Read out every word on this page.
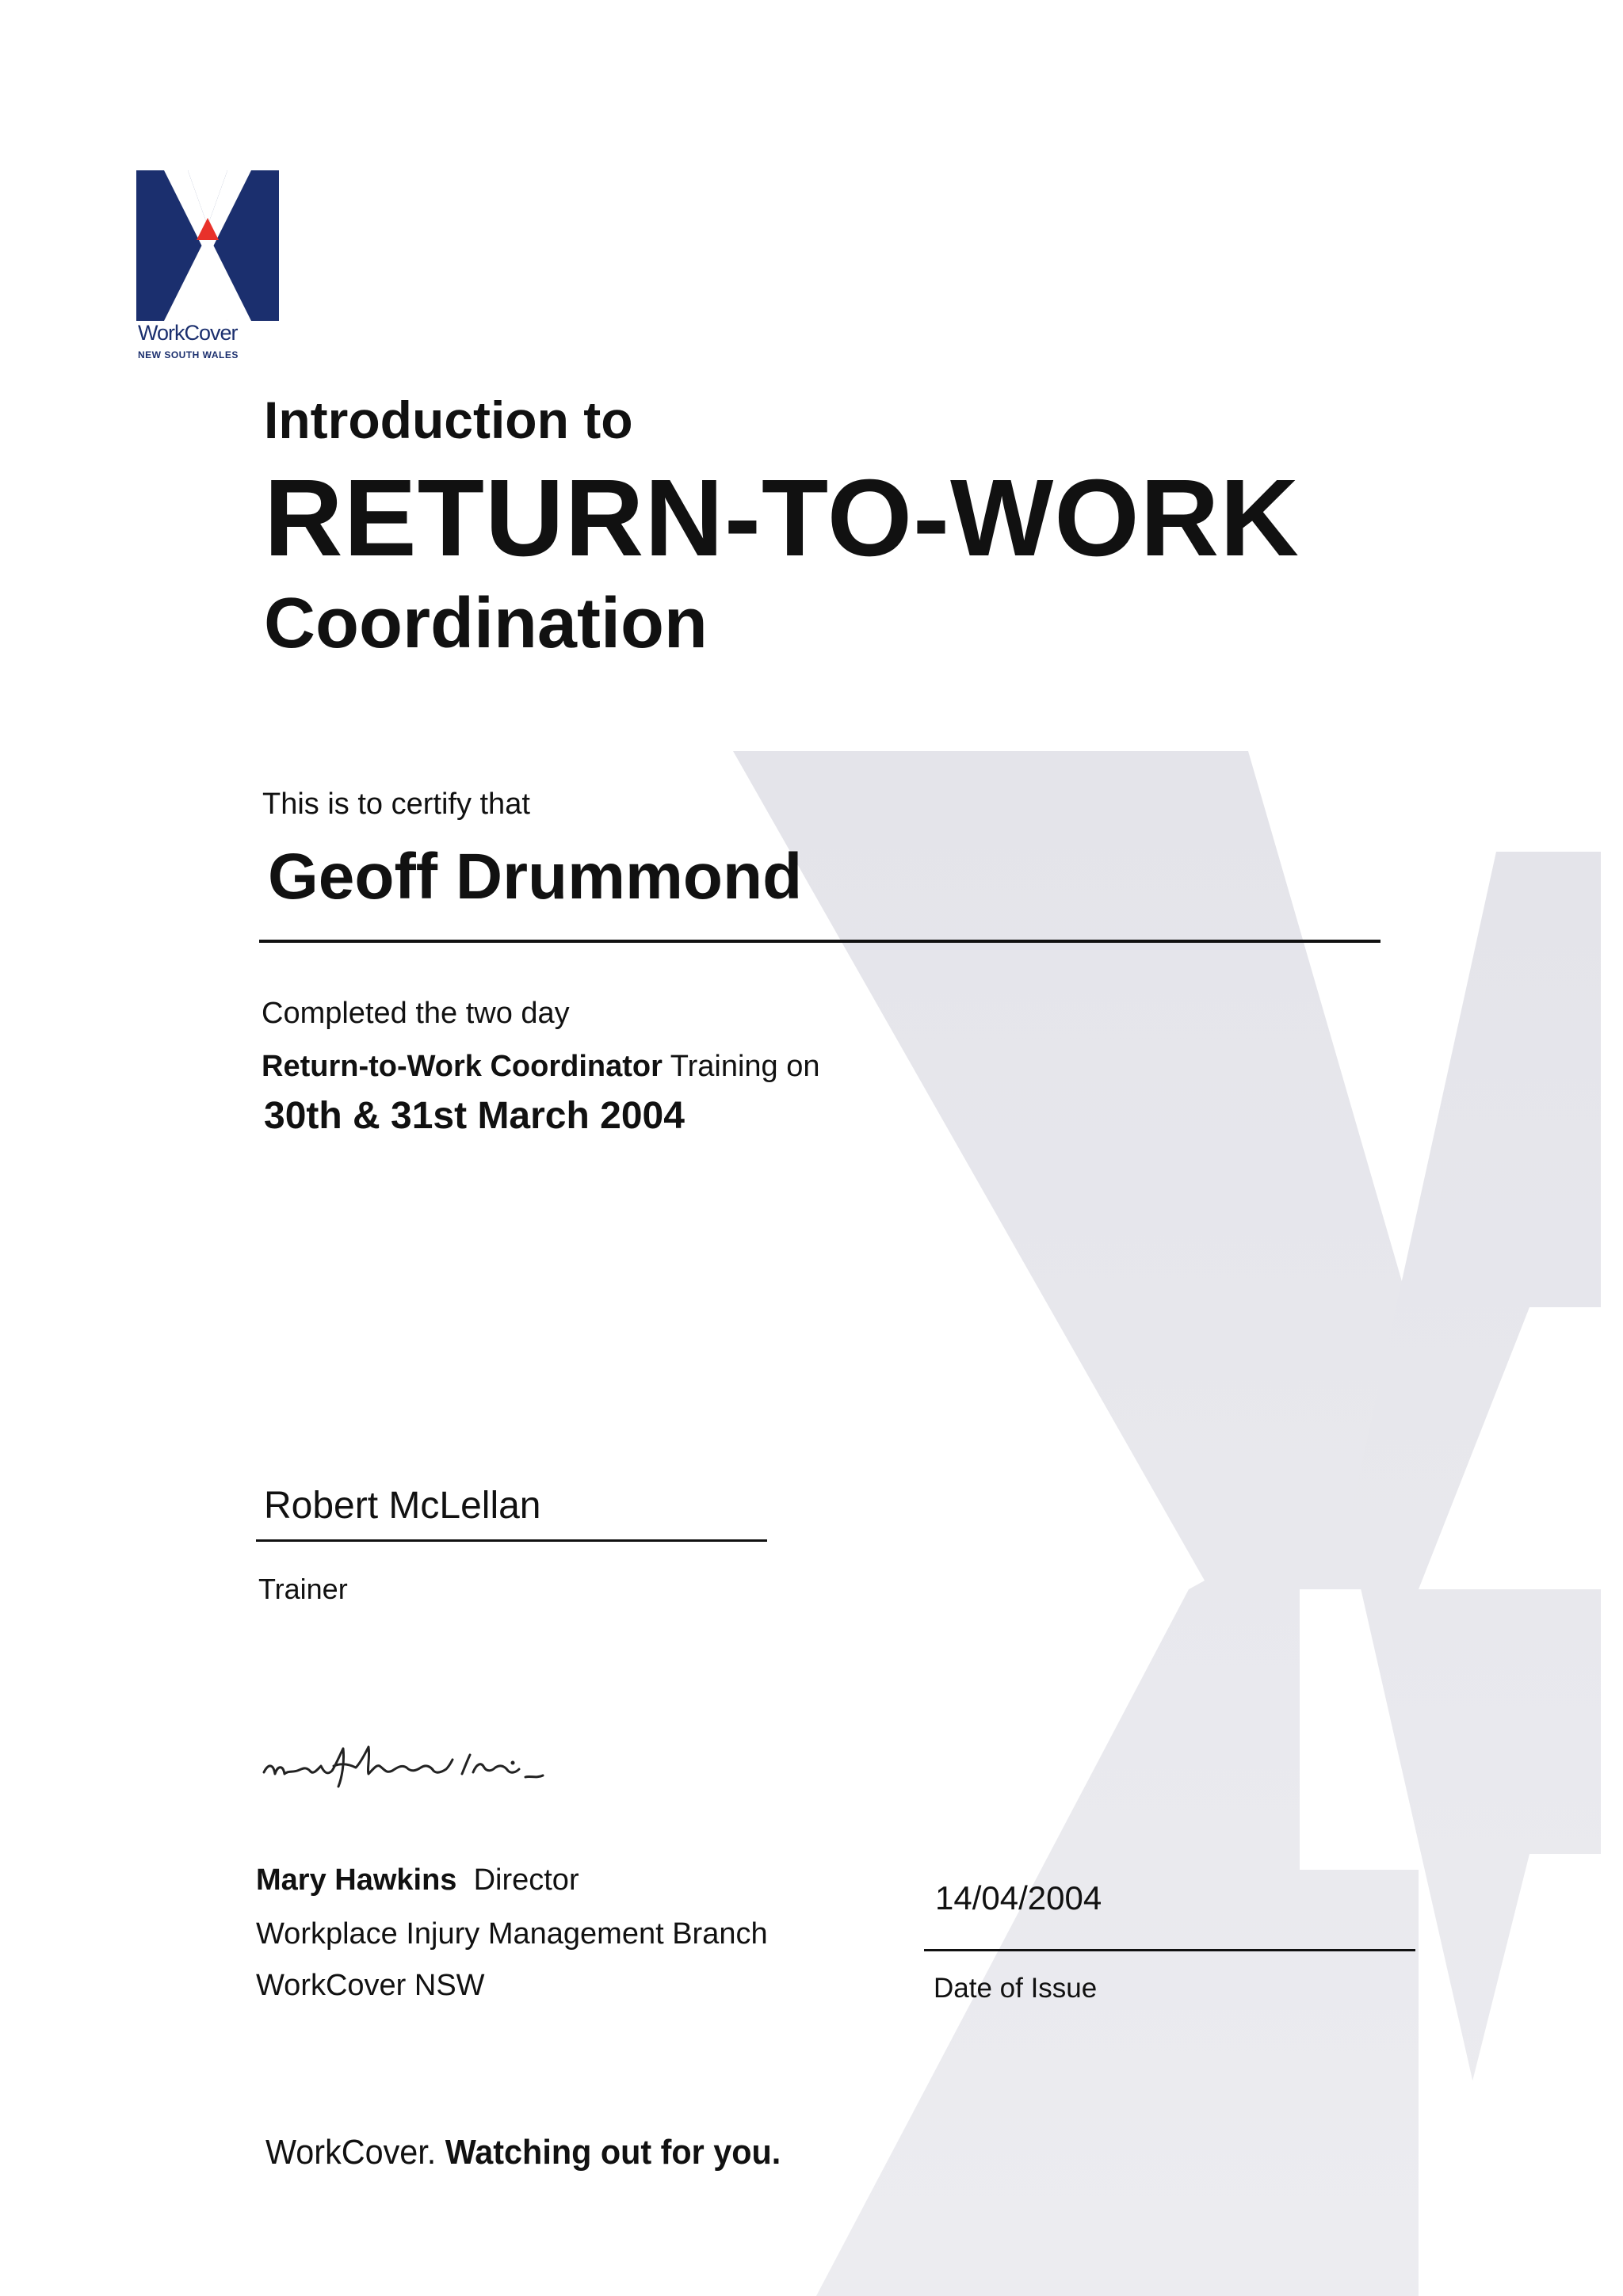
WorkCover
NEW SOUTH WALES
Introduction to
RETURN-TO-WORK
Coordination
This is to certify that
Geoff Drummond
Completed the two day
Return-to-Work Coordinator Training on
30th & 31st March 2004
Robert McLellan
Trainer
Mary Hawkins Director
Workplace Injury Management Branch
WorkCover NSW
14/04/2004
Date of Issue
WorkCover. Watching out for you.
